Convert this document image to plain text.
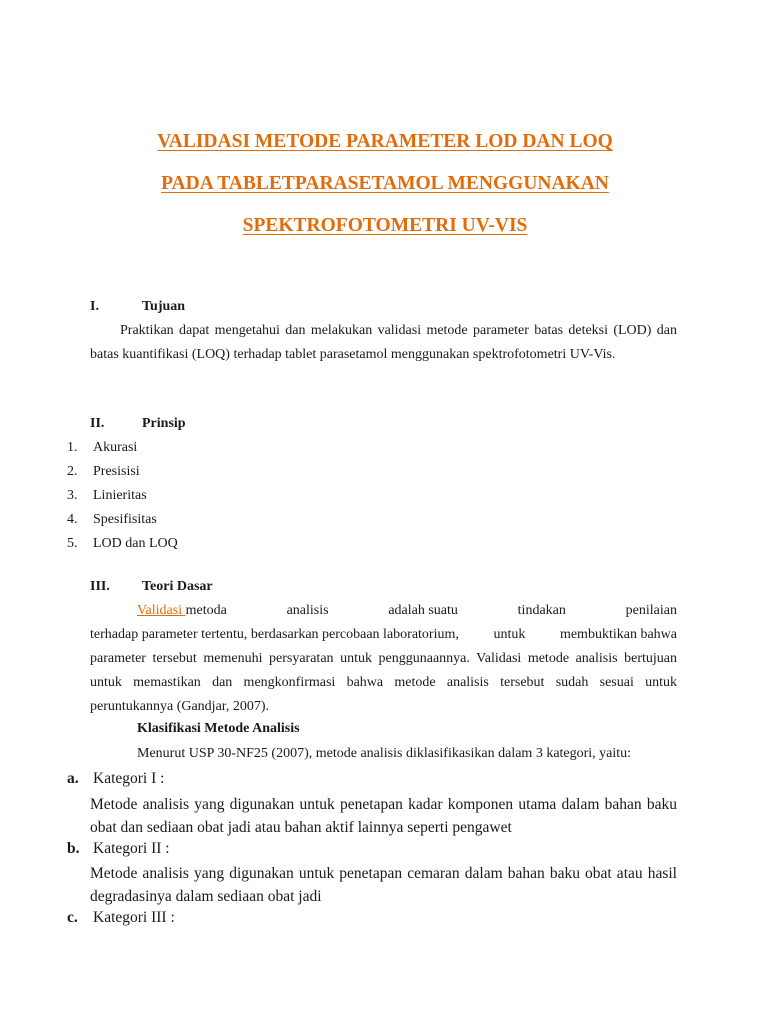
VALIDASI METODE PARAMETER LOD DAN LOQ
PADA TABLETPARASETAMOL MENGGUNAKAN
SPEKTROFOTOMETRI UV-VIS
I.	Tujuan
Praktikan dapat mengetahui dan melakukan validasi metode parameter batas deteksi (LOD) dan batas kuantifikasi (LOQ) terhadap tablet parasetamol menggunakan spektrofotometri UV-Vis.
II.	Prinsip
1. Akurasi
2. Presisisi
3. Linieritas
4. Spesifisitas
5. LOD dan LOQ
III. Teori Dasar
Validasi metoda	analisis	adalah suatu	tindakan	penilaian
terhadap parameter tertentu, berdasarkan percobaan laboratorium, untuk membuktikan bahwa
parameter tersebut memenuhi persyaratan untuk penggunaannya. Validasi metode analisis bertujuan untuk memastikan dan mengkonfirmasi bahwa metode analisis tersebut sudah sesuai untuk peruntukannya (Gandjar, 2007).
Klasifikasi Metode Analisis
Menurut USP 30-NF25 (2007), metode analisis diklasifikasikan dalam 3 kategori, yaitu:
a. Kategori I :
Metode analisis yang digunakan untuk penetapan kadar komponen utama dalam bahan baku obat dan sediaan obat jadi atau bahan aktif lainnya seperti pengawet
b. Kategori II :
Metode analisis yang digunakan untuk penetapan cemaran dalam bahan baku obat atau hasil degradasinya dalam sediaan obat jadi
c. Kategori III :
